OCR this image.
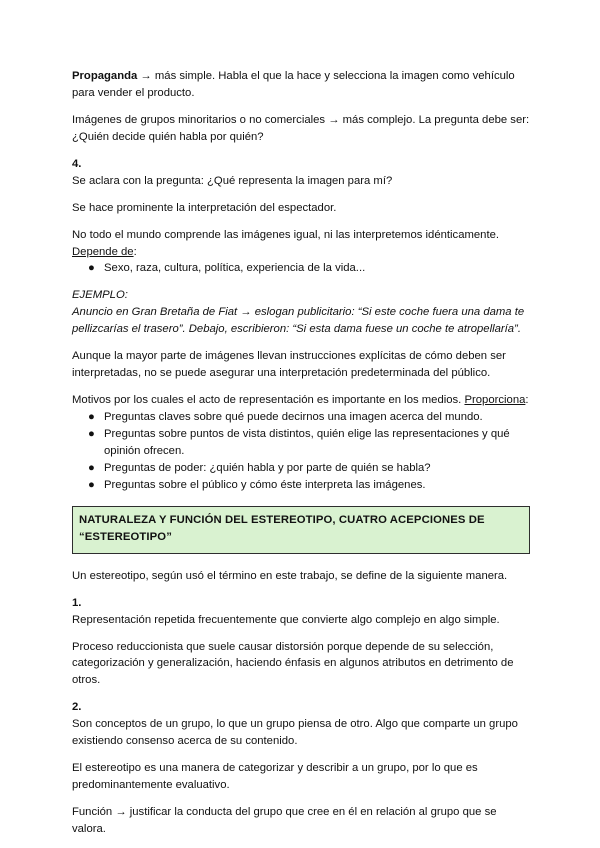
Propaganda → más simple. Habla el que la hace y selecciona la imagen como vehículo para vender el producto.

Imágenes de grupos minoritarios o no comerciales → más complejo. La pregunta debe ser: ¿Quién decide quién habla por quién?

4.

Se aclara con la pregunta: ¿Qué representa la imagen para mí?

Se hace prominente la interpretación del espectador.

No todo el mundo comprende las imágenes igual, ni las interpretemos idénticamente.

Depende de:

● Sexo, raza, cultura, política, experiencia de la vida...

EJEMPLO:

Anuncio en Gran Bretaña de Fiat → eslogan publicitario: “Si este coche fuera una dama te pellizcarías el trasero”. Debajo, escribieron: “Si esta dama fuese un coche te atropellaría”.

Aunque la mayor parte de imágenes llevan instrucciones explícitas de cómo deben ser interpretadas, no se puede asegurar una interpretación predeterminada del público.

Motivos por los cuales el acto de representación es importante en los medios. Proporciona:

● Preguntas claves sobre qué puede decirnos una imagen acerca del mundo.
● Preguntas sobre puntos de vista distintos, quién elige las representaciones y qué opinión ofrecen.
● Preguntas de poder: ¿quién habla y por parte de quién se habla?
● Preguntas sobre el público y cómo éste interpreta las imágenes.
NATURALEZA Y FUNCIÓN DEL ESTEREOTIPO, CUATRO ACEPCIONES DE “ESTEREOTIPO”

Un estereotipo, según usó el término en este trabajo, se define de la siguiente manera.

1.

Representación repetida frecuentemente que convierte algo complejo en algo simple.

Proceso reduccionista que suele causar distorsión porque depende de su selección, categorización y generalización, haciendo énfasis en algunos atributos en detrimento de otros.

2.

Son conceptos de un grupo, lo que un grupo piensa de otro. Algo que comparte un grupo existiendo consenso acerca de su contenido.

El estereotipo es una manera de categorizar y describir a un grupo, por lo que es predominantemente evaluativo.

Función → justificar la conducta del grupo que cree en él en relación al grupo que se valora.
